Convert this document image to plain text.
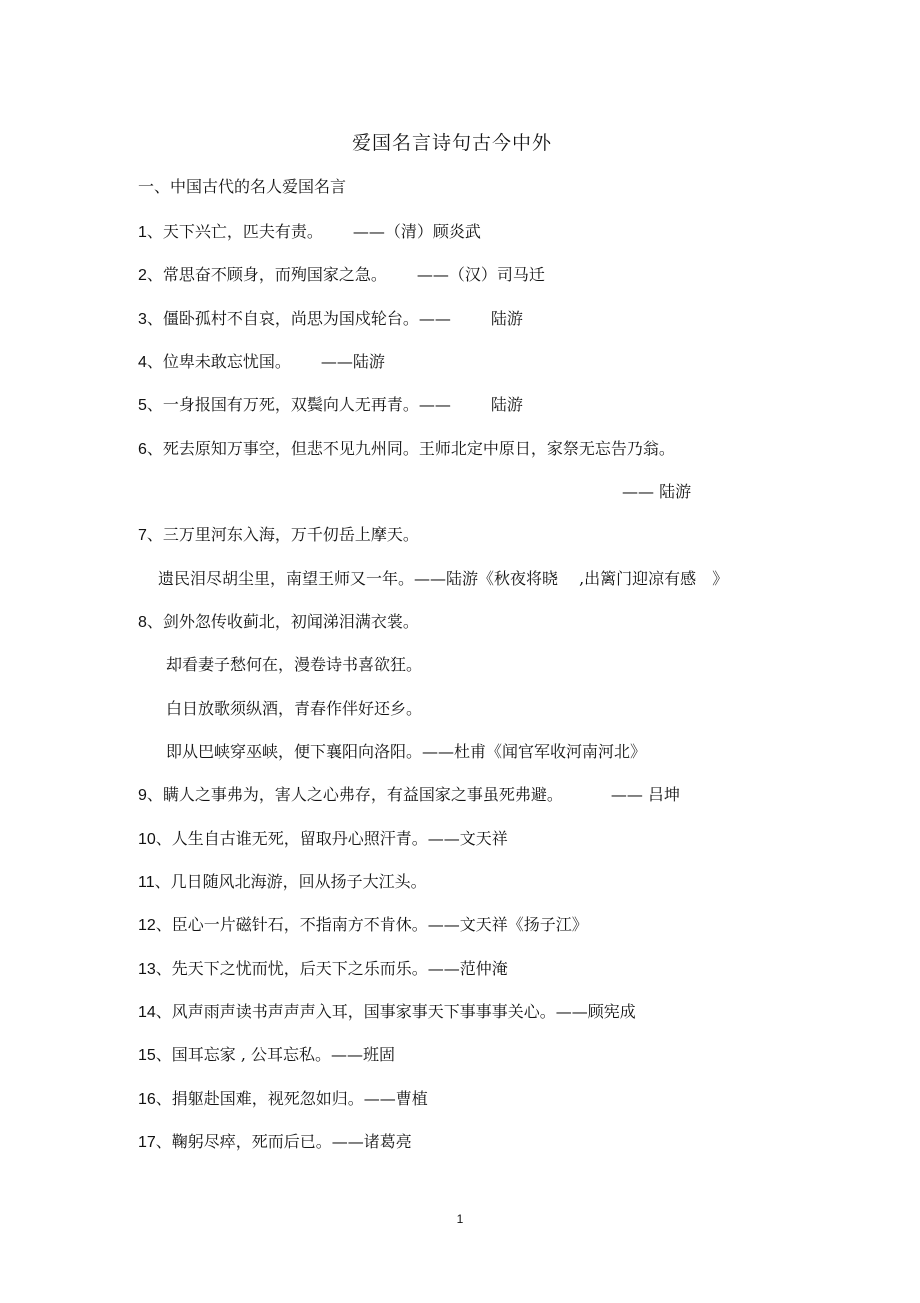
爱国名言诗句古今中外
一、中国古代的名人爱国名言
1、天下兴亡，匹夫有责。 ——（清）顾炎武
2、常思奋不顾身，而殉国家之急。 ——（汉）司马迁
3、僵卧孤村不自哀，尚思为国戍轮台。——	陆游
4、位卑未敢忘忧国。 ——陆游
5、一身报国有万死，双鬓向人无再青。——	陆游
6、死去原知万事空，但悲不见九州同。王师北定中原日，家祭无忘告乃翁。
—— 陆游
7、三万里河东入海，万千仞岳上摩天。
遗民泪尽胡尘里，南望王师又一年。——陆游《秋夜将晓　 ,出篱门迎凉有感　》
8、剑外忽传收蓟北，初闻涕泪满衣裳。
却看妻子愁何在，漫卷诗书喜欲狂。
白日放歌须纵酒，青春作伴好还乡。
即从巴峡穿巫峡，便下襄阳向洛阳。——杜甫《闻官军收河南河北》
9、瞒人之事弗为，害人之心弗存，有益国家之事虽死弗避。	—— 吕坤
10、人生自古谁无死，留取丹心照汗青。——文天祥
11、几日随风北海游，回从扬子大江头。
12、臣心一片磁针石，不指南方不肯休。——文天祥《扬子江》
13、先天下之忧而忧，后天下之乐而乐。——范仲淹
14、风声雨声读书声声声入耳，国事家事天下事事事关心。——顾宪成
15、国耳忘家 , 公耳忘私。——班固
16、捐躯赴国难，视死忽如归。——曹植
17、鞠躬尽瘁，死而后已。——诸葛亮
1
